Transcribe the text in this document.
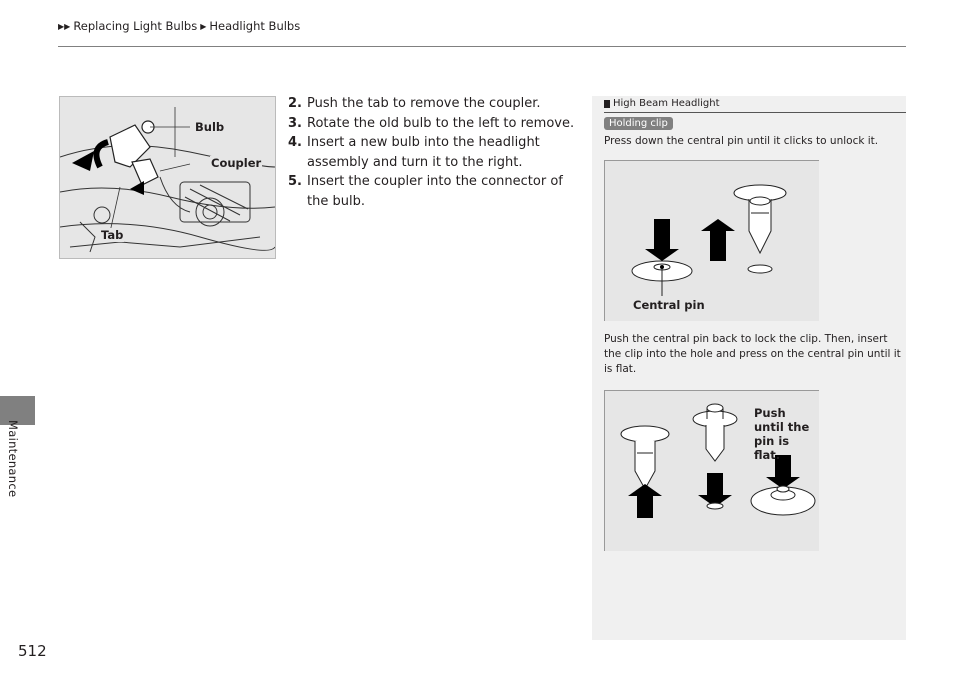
▶▶ Replacing Light Bulbs ▶ Headlight Bulbs
Maintenance
512
Bulb
Coupler
Tab
2. Push the tab to remove the coupler.
3. Rotate the old bulb to the left to remove.
4. Insert a new bulb into the headlight assembly and turn it to the right.
5. Insert the coupler into the connector of the bulb.
High Beam Headlight
Holding clip
Press down the central pin until it clicks to unlock it.
Central pin
Push the central pin back to lock the clip. Then, insert the clip into the hole and press on the central pin until it is flat.
Push until the pin is flat.
